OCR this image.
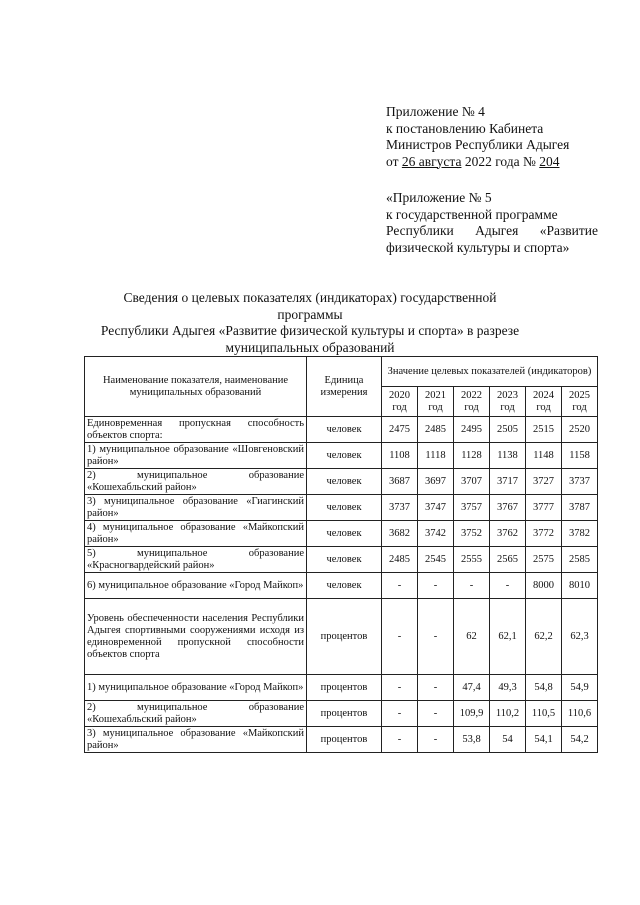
Приложение № 4
к постановлению Кабинета
Министров Республики Адыгея
от 26 августа 2022 года № 204
«Приложение № 5
к государственной программе
Республики Адыгея «Развитие
физической культуры и спорта»
Сведения о целевых показателях (индикаторах) государственной программы
Республики Адыгея «Развитие физической культуры и спорта» в разрезе
муниципальных образований
Наименование показателя, наименование муниципальных образований	Единица измерения	Значение целевых показателей (индикаторов)					
		2020 год	2021 год	2022 год	2023 год	2024 год	2025 год
Единовременная пропускная способность объектов спорта:	человек	2475	2485	2495	2505	2515	2520
1) муниципальное образование «Шовгеновский район»	человек	1108	1118	1128	1138	1148	1158
2) муниципальное образование «Кошехабльский район»	человек	3687	3697	3707	3717	3727	3737
3) муниципальное образование «Гиагинский район»	человек	3737	3747	3757	3767	3777	3787
4) муниципальное образование «Майкопский район»	человек	3682	3742	3752	3762	3772	3782
5) муниципальное образование «Красногвардейский район»	человек	2485	2545	2555	2565	2575	2585
6) муниципальное образование «Город Майкоп»	человек	-	-	-	-	8000	8010
Уровень обеспеченности населения Республики Адыгея спортивными сооружениями исходя из единовременной пропускной способности объектов спорта	процентов	-	-	62	62,1	62,2	62,3
1) муниципальное образование «Город Майкоп»	процентов	-	-	47,4	49,3	54,8	54,9
2) муниципальное образование «Кошехабльский район»	процентов	-	-	109,9	110,2	110,5	110,6
3) муниципальное образование «Майкопский район»	процентов	-	-	53,8	54	54,1	54,2
